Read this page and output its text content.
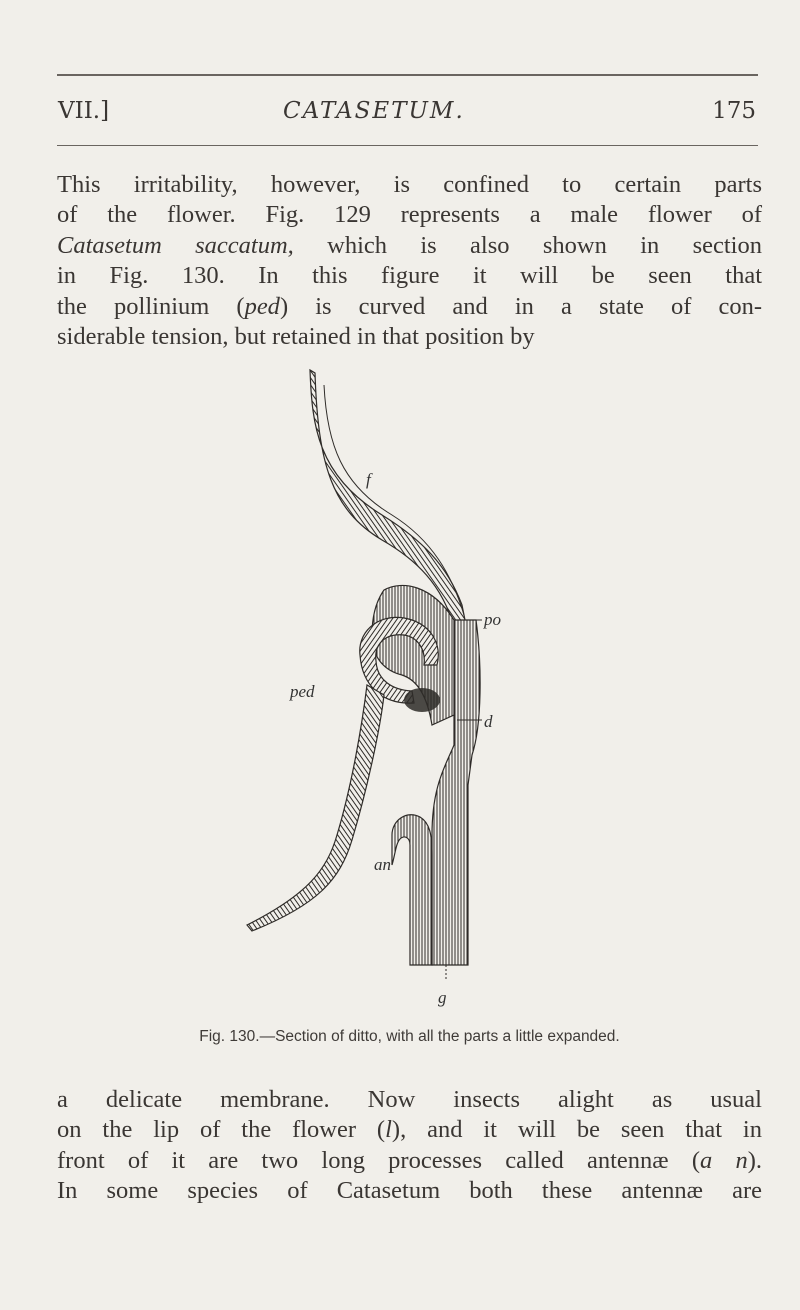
VII.]	CATASETUM.	175

This irritability, however, is confined to certain parts
of the flower. Fig. 129 represents a male flower of
Catasetum saccatum, which is also shown in section
in Fig. 130. In this figure it will be seen that
the pollinium (ped) is curved and in a state of con-
siderable tension, but retained in that position by

f
po
ped
d
an
g
Fig. 130.—Section of ditto, with all the parts a little expanded.

a delicate membrane. Now insects alight as usual
on the lip of the flower (l), and it will be seen that in
front of it are two long processes called antennæ (a n).
In some species of Catasetum both these antennæ are
